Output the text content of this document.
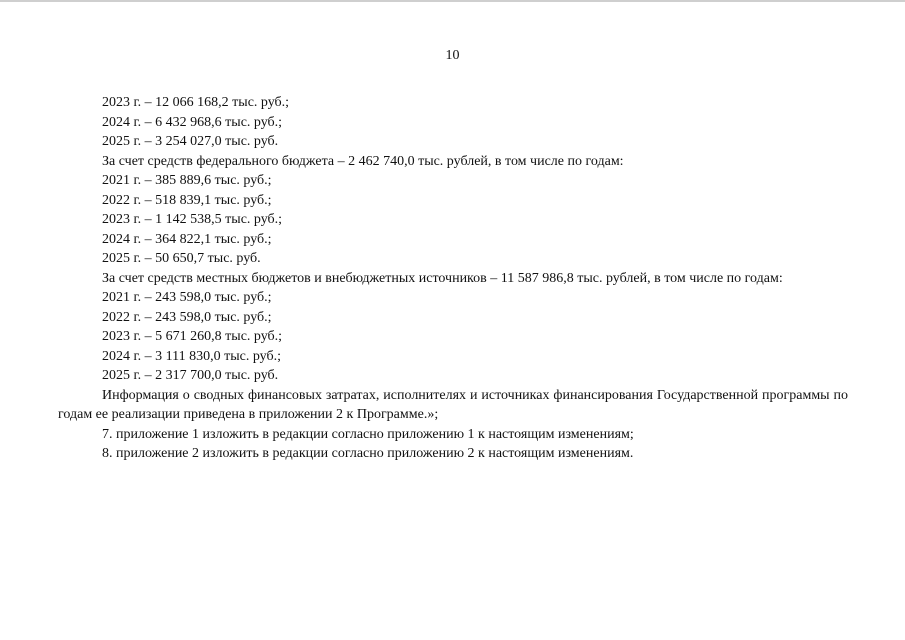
10
2023 г. – 12 066 168,2 тыс. руб.;
2024 г. – 6 432 968,6 тыс. руб.;
2025 г. – 3 254 027,0 тыс. руб.
За счет средств федерального бюджета – 2 462 740,0 тыс. рублей, в том числе по годам:
2021 г. – 385 889,6 тыс. руб.;
2022 г. – 518 839,1 тыс. руб.;
2023 г. – 1 142 538,5 тыс. руб.;
2024 г. – 364 822,1 тыс. руб.;
2025 г. – 50 650,7 тыс. руб.
За счет средств местных бюджетов и внебюджетных источников – 11 587 986,8 тыс. рублей, в том числе по годам:
2021 г. – 243 598,0 тыс. руб.;
2022 г. – 243 598,0 тыс. руб.;
2023 г. – 5 671 260,8 тыс. руб.;
2024 г. – 3 111 830,0 тыс. руб.;
2025 г. – 2 317 700,0 тыс. руб.
Информация о сводных финансовых затратах, исполнителях и источниках финансирования Государственной программы по годам ее реализации приведена в приложении 2 к Программе.»;
7. приложение 1 изложить в редакции согласно приложению 1 к настоящим изменениям;
8. приложение 2 изложить в редакции согласно приложению 2 к настоящим изменениям.
